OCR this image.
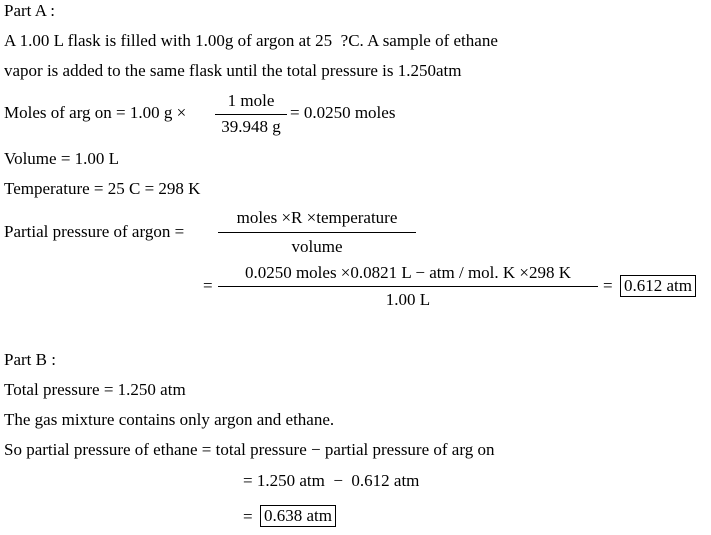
Part A :
A 1.00 L flask is filled with 1.00g of argon at 25  ?C. A sample of ethane
vapor is added to the same flask until the total pressure is 1.250atm
Moles of arg on = 1.00 g ×
1 mole
39.948 g
= 0.0250 moles
Volume = 1.00 L
Temperature = 25 C = 298 K
Partial pressure of argon =
moles ×R ×temperature
volume
=
0.0250 moles ×0.0821 L − atm / mol. K ×298 K
1.00 L
= 0.612 atm
Part B :
Total pressure = 1.250 atm
The gas mixture contains only argon and ethane.
So partial pressure of ethane = total pressure − partial pressure of arg on
= 1.250 atm  −  0.612 atm
= 0.638 atm
